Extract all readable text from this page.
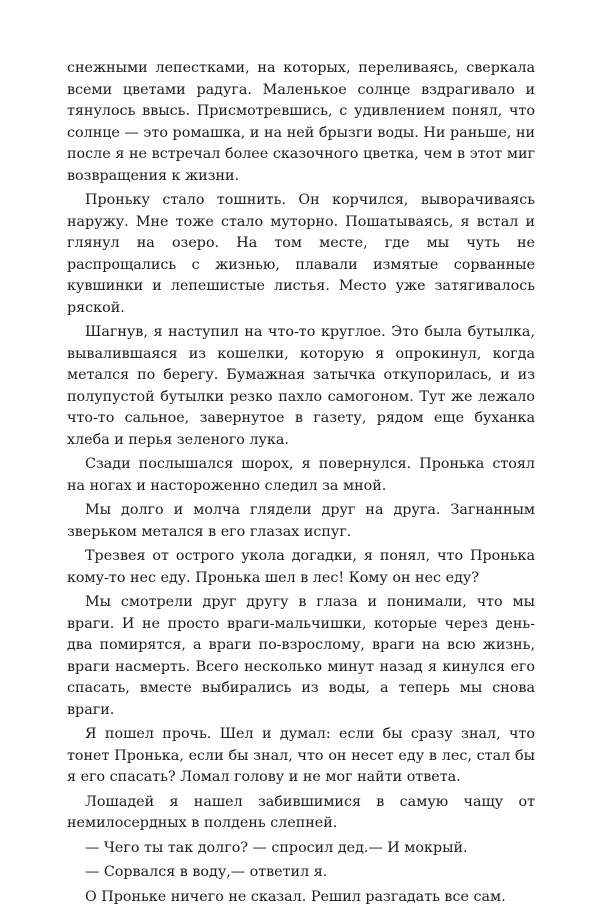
снежными лепестками, на которых, переливаясь, сверкала всеми цветами радуга. Маленькое солнце вздрагивало и тянулось ввысь. Присмотревшись, с удивлением понял, что солнце — это ромашка, и на ней брызги воды. Ни раньше, ни после я не встречал более сказочного цветка, чем в этот миг возвращения к жизни.

Проньку стало тошнить. Он корчился, выворачиваясь наружу. Мне тоже стало муторно. Пошатываясь, я встал и глянул на озеро. На том месте, где мы чуть не распрощались с жизнью, плавали измятые сорванные кувшинки и лепешистые листья. Место уже затягивалось ряской.

Шагнув, я наступил на что-то круглое. Это была бутылка, вывалившаяся из кошелки, которую я опрокинул, когда метался по берегу. Бумажная затычка откупорилась, и из полупустой бутылки резко пахло самогоном. Тут же лежало что-то сальное, завернутое в газету, рядом еще буханка хлеба и перья зеленого лука.

Сзади послышался шорох, я повернулся. Пронька стоял на ногах и настороженно следил за мной.

Мы долго и молча глядели друг на друга. Загнанным зверьком метался в его глазах испуг.

Трезвея от острого укола догадки, я понял, что Пронька кому-то нес еду. Пронька шел в лес! Кому он нес еду?

Мы смотрели друг другу в глаза и понимали, что мы враги. И не просто враги-мальчишки, которые через день-два помирятся, а враги по-взрослому, враги на всю жизнь, враги насмерть. Всего несколько минут назад я кинулся его спасать, вместе выбирались из воды, а теперь мы снова враги.

Я пошел прочь. Шел и думал: если бы сразу знал, что тонет Пронька, если бы знал, что он несет еду в лес, стал бы я его спасать? Ломал голову и не мог найти ответа.

Лошадей я нашел забившимися в самую чащу от немилосердных в полдень слепней.

— Чего ты так долго? — спросил дед.— И мокрый.

— Сорвался в воду,— ответил я.

О Проньке ничего не сказал. Решил разгадать все сам.
